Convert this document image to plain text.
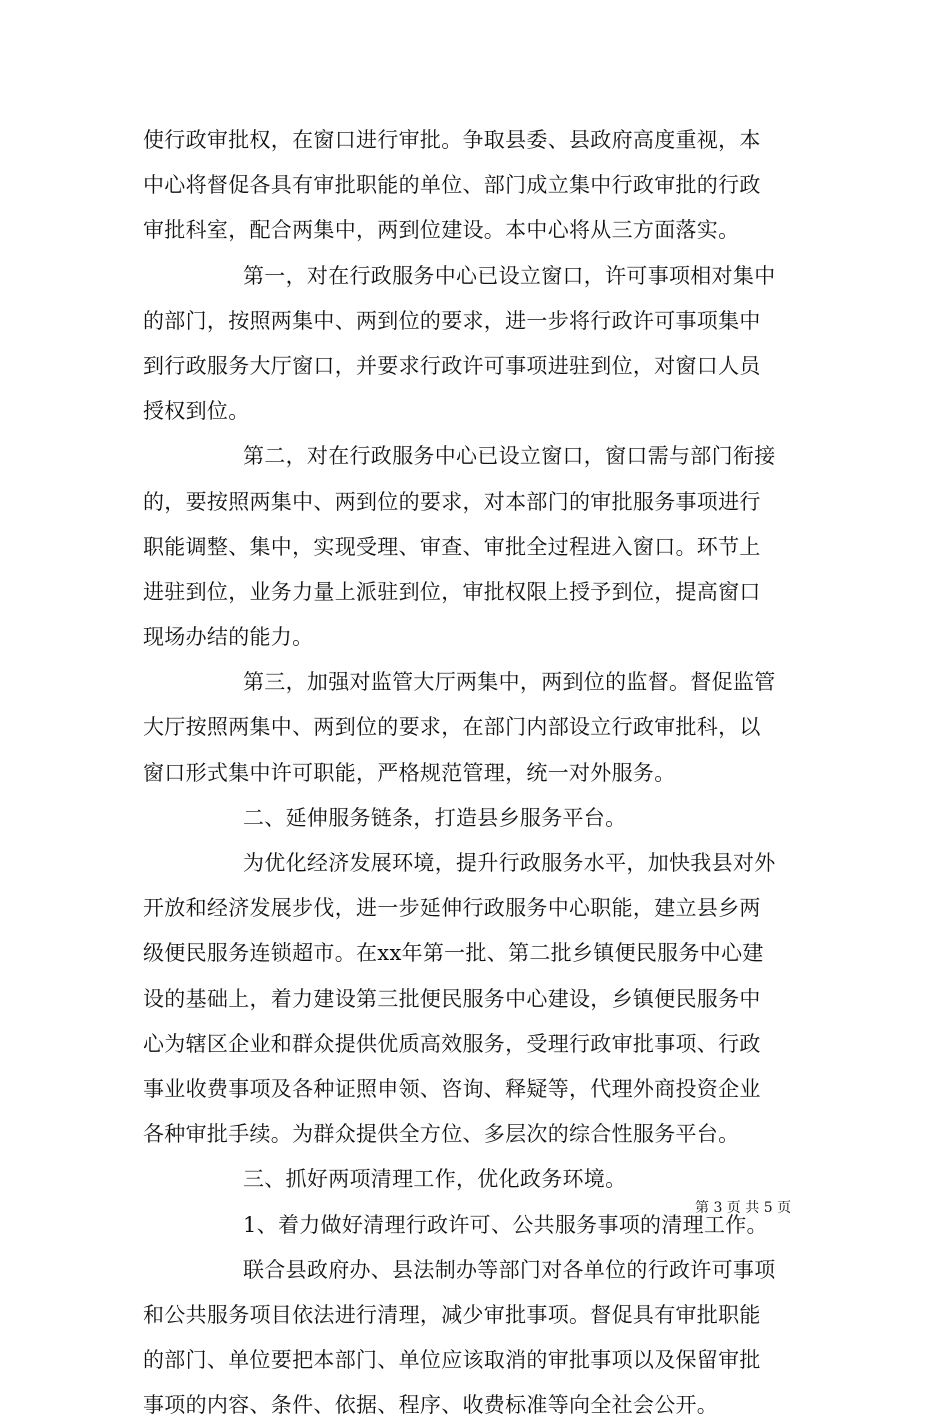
使行政审批权，在窗口进行审批。争取县委、县政府高度重视，本
中心将督促各具有审批职能的单位、部门成立集中行政审批的行政
审批科室，配合两集中，两到位建设。本中心将从三方面落实。
第一，对在行政服务中心已设立窗口，许可事项相对集中
的部门，按照两集中、两到位的要求，进一步将行政许可事项集中
到行政服务大厅窗口，并要求行政许可事项进驻到位，对窗口人员
授权到位。
第二，对在行政服务中心已设立窗口，窗口需与部门衔接
的，要按照两集中、两到位的要求，对本部门的审批服务事项进行
职能调整、集中，实现受理、审查、审批全过程进入窗口。环节上
进驻到位，业务力量上派驻到位，审批权限上授予到位，提高窗口
现场办结的能力。
第三，加强对监管大厅两集中，两到位的监督。督促监管
大厅按照两集中、两到位的要求，在部门内部设立行政审批科，以
窗口形式集中许可职能，严格规范管理，统一对外服务。
二、延伸服务链条，打造县乡服务平台。
为优化经济发展环境，提升行政服务水平，加快我县对外
开放和经济发展步伐，进一步延伸行政服务中心职能，建立县乡两
级便民服务连锁超市。在xx年第一批、第二批乡镇便民服务中心建
设的基础上，着力建设第三批便民服务中心建设，乡镇便民服务中
心为辖区企业和群众提供优质高效服务，受理行政审批事项、行政
事业收费事项及各种证照申领、咨询、释疑等，代理外商投资企业
各种审批手续。为群众提供全方位、多层次的综合性服务平台。
三、抓好两项清理工作，优化政务环境。
1、着力做好清理行政许可、公共服务事项的清理工作。
联合县政府办、县法制办等部门对各单位的行政许可事项
和公共服务项目依法进行清理，减少审批事项。督促具有审批职能
的部门、单位要把本部门、单位应该取消的审批事项以及保留审批
事项的内容、条件、依据、程序、收费标准等向全社会公开。
第 3 页 共 5 页
